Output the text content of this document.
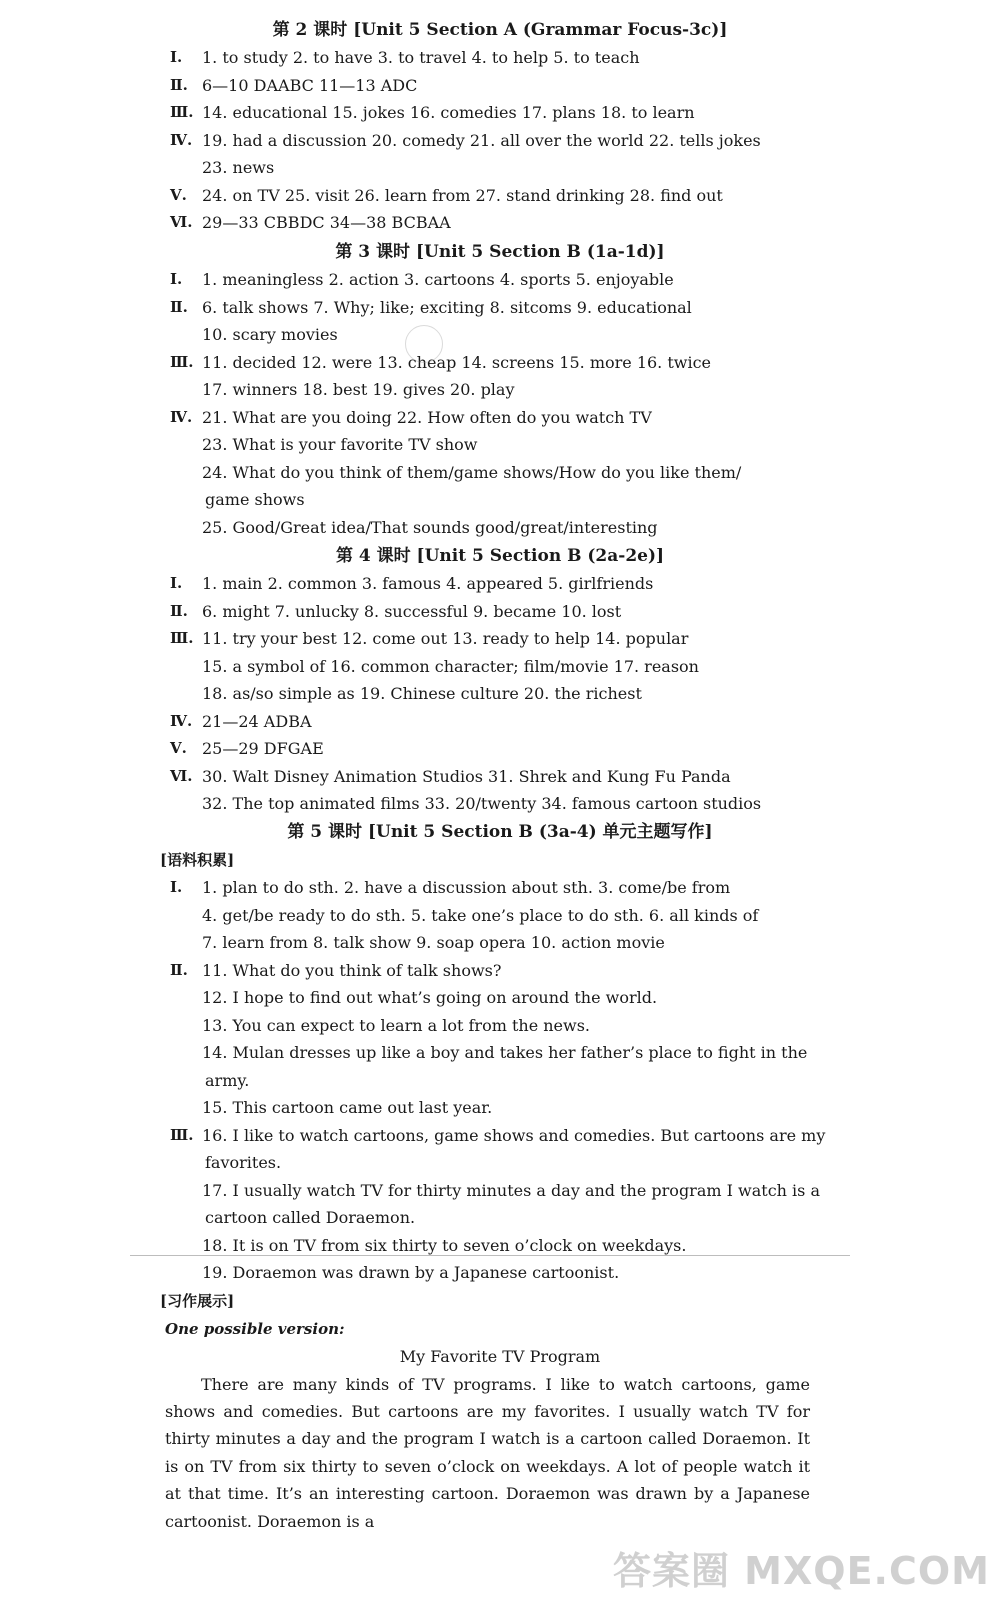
第 2 课时 [Unit 5 Section A (Grammar Focus-3c)]
Ⅰ.	1. to study 2. to have 3. to travel 4. to help 5. to teach
Ⅱ. 6—10 DAABC 11—13 ADC
Ⅲ. 14. educational 15. jokes 16. comedies 17. plans 18. to learn
Ⅳ. 19. had a discussion 20. comedy 21. all over the world 22. tells jokes
23. news
Ⅴ. 24. on TV 25. visit 26. learn from 27. stand drinking 28. find out
Ⅵ. 29—33 CBBDC 34—38 BCBAA
第 3 课时 [Unit 5 Section B (1a-1d)]
Ⅰ.	1. meaningless 2. action 3. cartoons 4. sports 5. enjoyable
Ⅱ. 6. talk shows 7. Why; like; exciting 8. sitcoms 9. educational
10. scary movies
Ⅲ. 11. decided 12. were 13. cheap 14. screens 15. more 16. twice
17. winners 18. best 19. gives 20. play
Ⅳ. 21. What are you doing 22. How often do you watch TV
23. What is your favorite TV show
24. What do you think of them/game shows/How do you like them/
game shows
25. Good/Great idea/That sounds good/great/interesting
第 4 课时 [Unit 5 Section B (2a-2e)]
Ⅰ.	1. main 2. common 3. famous 4. appeared 5. girlfriends
Ⅱ. 6. might 7. unlucky 8. successful 9. became 10. lost
Ⅲ. 11. try your best 12. come out 13. ready to help 14. popular
15. a symbol of 16. common character; film/movie 17. reason
18. as/so simple as 19. Chinese culture 20. the richest
Ⅳ. 21—24 ADBA
Ⅴ. 25—29 DFGAE
Ⅵ. 30. Walt Disney Animation Studios 31. Shrek and Kung Fu Panda
32. The top animated films 33. 20/twenty 34. famous cartoon studios
第 5 课时 [Unit 5 Section B (3a-4) 单元主题写作]
[语料积累]
Ⅰ.	1. plan to do sth. 2. have a discussion about sth. 3. come/be from
4. get/be ready to do sth. 5. take one’s place to do sth. 6. all kinds of
7. learn from 8. talk show 9. soap opera 10. action movie
Ⅱ. 11. What do you think of talk shows?
12. I hope to find out what’s going on around the world.
13. You can expect to learn a lot from the news.
14. Mulan dresses up like a boy and takes her father’s place to fight in the
army.
15. This cartoon came out last year.
Ⅲ. 16. I like to watch cartoons, game shows and comedies. But cartoons are my
favorites.
17. I usually watch TV for thirty minutes a day and the program I watch is a
cartoon called Doraemon.
18. It is on TV from six thirty to seven o’clock on weekdays.
19. Doraemon was drawn by a Japanese cartoonist.
[习作展示]
One possible version:
My Favorite TV Program

There are many kinds of TV programs. I like to watch cartoons, game shows and comedies. But cartoons are my favorites. I usually watch TV for thirty minutes a day and the program I watch is a cartoon called Doraemon. It is on TV from six thirty to seven o’clock on weekdays. A lot of people watch it at that time. It’s an interesting cartoon. Doraemon was drawn by a Japanese cartoonist. Doraemon is a

答案圈 MXQE.COM
